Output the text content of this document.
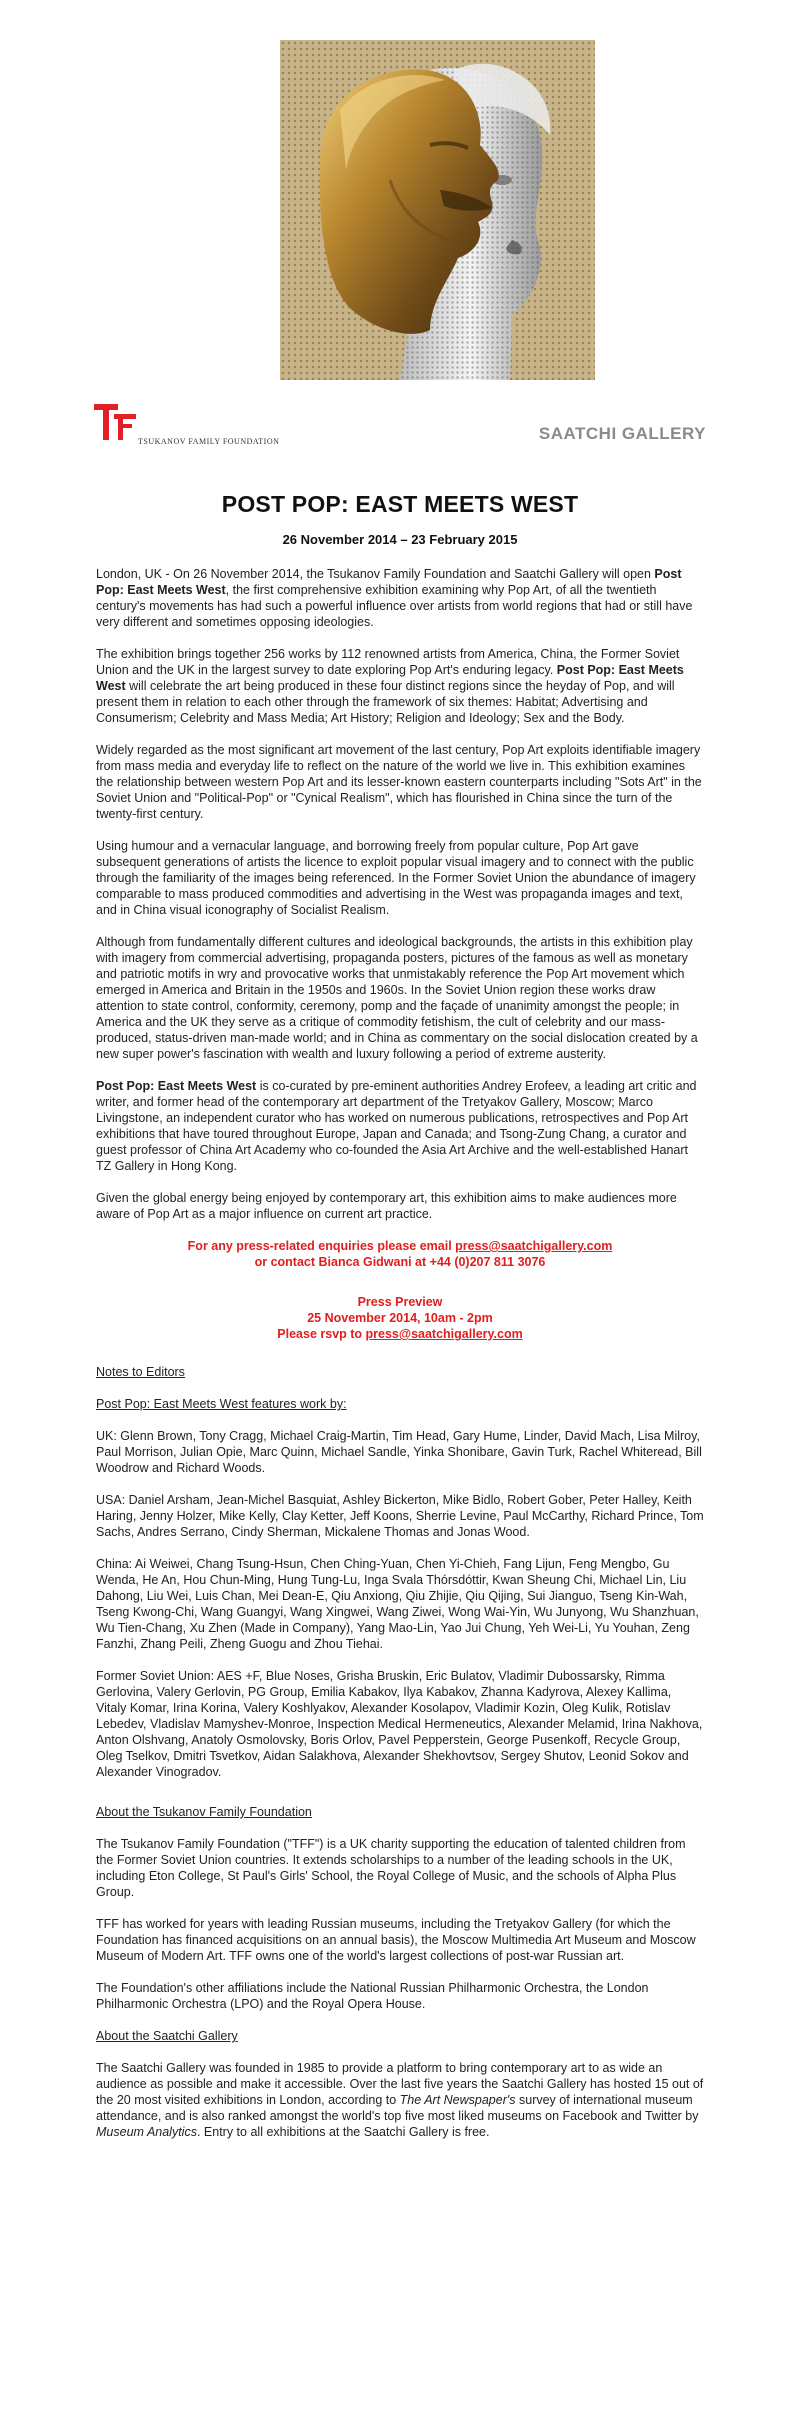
TSUKANOV FAMILY FOUNDATION	SAATCHI GALLERY
POST POP: EAST MEETS WEST
26 November 2014 – 23 February 2015

London, UK - On 26 November 2014, the Tsukanov Family Foundation and Saatchi Gallery will open Post Pop: East Meets West, the first comprehensive exhibition examining why Pop Art, of all the twentieth century's movements has had such a powerful influence over artists from world regions that had or still have very different and sometimes opposing ideologies.

The exhibition brings together 256 works by 112 renowned artists from America, China, the Former Soviet Union and the UK in the largest survey to date exploring Pop Art's enduring legacy. Post Pop: East Meets West will celebrate the art being produced in these four distinct regions since the heyday of Pop, and will present them in relation to each other through the framework of six themes: Habitat; Advertising and Consumerism; Celebrity and Mass Media; Art History; Religion and Ideology; Sex and the Body.

Widely regarded as the most significant art movement of the last century, Pop Art exploits identifiable imagery from mass media and everyday life to reflect on the nature of the world we live in. This exhibition examines the relationship between western Pop Art and its lesser-known eastern counterparts including "Sots Art" in the Soviet Union and "Political-Pop" or "Cynical Realism", which has flourished in China since the turn of the twenty-first century.

Using humour and a vernacular language, and borrowing freely from popular culture, Pop Art gave subsequent generations of artists the licence to exploit popular visual imagery and to connect with the public through the familiarity of the images being referenced. In the Former Soviet Union the abundance of imagery comparable to mass produced commodities and advertising in the West was propaganda images and text, and in China visual iconography of Socialist Realism.

Although from fundamentally different cultures and ideological backgrounds, the artists in this exhibition play with imagery from commercial advertising, propaganda posters, pictures of the famous as well as monetary and patriotic motifs in wry and provocative works that unmistakably reference the Pop Art movement which emerged in America and Britain in the 1950s and 1960s. In the Soviet Union region these works draw attention to state control, conformity, ceremony, pomp and the façade of unanimity amongst the people; in America and the UK they serve as a critique of commodity fetishism, the cult of celebrity and our mass-produced, status-driven man-made world; and in China as commentary on the social dislocation created by a new super power's fascination with wealth and luxury following a period of extreme austerity.

Post Pop: East Meets West is co-curated by pre-eminent authorities Andrey Erofeev, a leading art critic and writer, and former head of the contemporary art department of the Tretyakov Gallery, Moscow; Marco Livingstone, an independent curator who has worked on numerous publications, retrospectives and Pop Art exhibitions that have toured throughout Europe, Japan and Canada; and Tsong-Zung Chang, a curator and guest professor of China Art Academy who co-founded the Asia Art Archive and the well-established Hanart TZ Gallery in Hong Kong.

Given the global energy being enjoyed by contemporary art, this exhibition aims to make audiences more aware of Pop Art as a major influence on current art practice.

For any press-related enquiries please email press@saatchigallery.com

or contact Bianca Gidwani at +44 (0)207 811 3076

Press Preview

25 November 2014, 10am - 2pm

Please rsvp to press@saatchigallery.com

Notes to Editors

Post Pop: East Meets West features work by:

UK: Glenn Brown, Tony Cragg, Michael Craig-Martin, Tim Head, Gary Hume, Linder, David Mach, Lisa Milroy, Paul Morrison, Julian Opie, Marc Quinn, Michael Sandle, Yinka Shonibare, Gavin Turk, Rachel Whiteread, Bill Woodrow and Richard Woods.

USA: Daniel Arsham, Jean-Michel Basquiat, Ashley Bickerton, Mike Bidlo, Robert Gober, Peter Halley, Keith Haring, Jenny Holzer, Mike Kelly, Clay Ketter, Jeff Koons, Sherrie Levine, Paul McCarthy, Richard Prince, Tom Sachs, Andres Serrano, Cindy Sherman, Mickalene Thomas and Jonas Wood.

China: Ai Weiwei, Chang Tsung-Hsun, Chen Ching-Yuan, Chen Yi-Chieh, Fang Lijun, Feng Mengbo, Gu Wenda, He An, Hou Chun-Ming, Hung Tung-Lu, Inga Svala Thórsdóttir, Kwan Sheung Chi, Michael Lin, Liu Dahong, Liu Wei, Luis Chan, Mei Dean-E, Qiu Anxiong, Qiu Zhijie, Qiu Qijing, Sui Jianguo, Tseng Kin-Wah, Tseng Kwong-Chi, Wang Guangyi, Wang Xingwei, Wang Ziwei, Wong Wai-Yin, Wu Junyong, Wu Shanzhuan, Wu Tien-Chang, Xu Zhen (Made in Company), Yang Mao-Lin, Yao Jui Chung, Yeh Wei-Li, Yu Youhan, Zeng Fanzhi, Zhang Peili, Zheng Guogu and Zhou Tiehai.

Former Soviet Union: AES +F, Blue Noses, Grisha Bruskin, Eric Bulatov, Vladimir Dubossarsky, Rimma Gerlovina, Valery Gerlovin, PG Group, Emilia Kabakov, Ilya Kabakov, Zhanna Kadyrova, Alexey Kallima, Vitaly Komar, Irina Korina, Valery Koshlyakov, Alexander Kosolapov, Vladimir Kozin, Oleg Kulik, Rotislav Lebedev, Vladislav Mamyshev-Monroe, Inspection Medical Hermeneutics, Alexander Melamid, Irina Nakhova, Anton Olshvang, Anatoly Osmolovsky, Boris Orlov, Pavel Pepperstein, George Pusenkoff, Recycle Group, Oleg Tselkov, Dmitri Tsvetkov, Aidan Salakhova, Alexander Shekhovtsov, Sergey Shutov, Leonid Sokov and Alexander Vinogradov.

About the Tsukanov Family Foundation

The Tsukanov Family Foundation ("TFF") is a UK charity supporting the education of talented children from the Former Soviet Union countries. It extends scholarships to a number of the leading schools in the UK, including Eton College, St Paul's Girls' School, the Royal College of Music, and the schools of Alpha Plus Group.

TFF has worked for years with leading Russian museums, including the Tretyakov Gallery (for which the Foundation has financed acquisitions on an annual basis), the Moscow Multimedia Art Museum and Moscow Museum of Modern Art. TFF owns one of the world's largest collections of post-war Russian art.

The Foundation's other affiliations include the National Russian Philharmonic Orchestra, the London Philharmonic Orchestra (LPO) and the Royal Opera House.

About the Saatchi Gallery

The Saatchi Gallery was founded in 1985 to provide a platform to bring contemporary art to as wide an audience as possible and make it accessible. Over the last five years the Saatchi Gallery has hosted 15 out of the 20 most visited exhibitions in London, according to The Art Newspaper's survey of international museum attendance, and is also ranked amongst the world's top five most liked museums on Facebook and Twitter by Museum Analytics. Entry to all exhibitions at the Saatchi Gallery is free.
